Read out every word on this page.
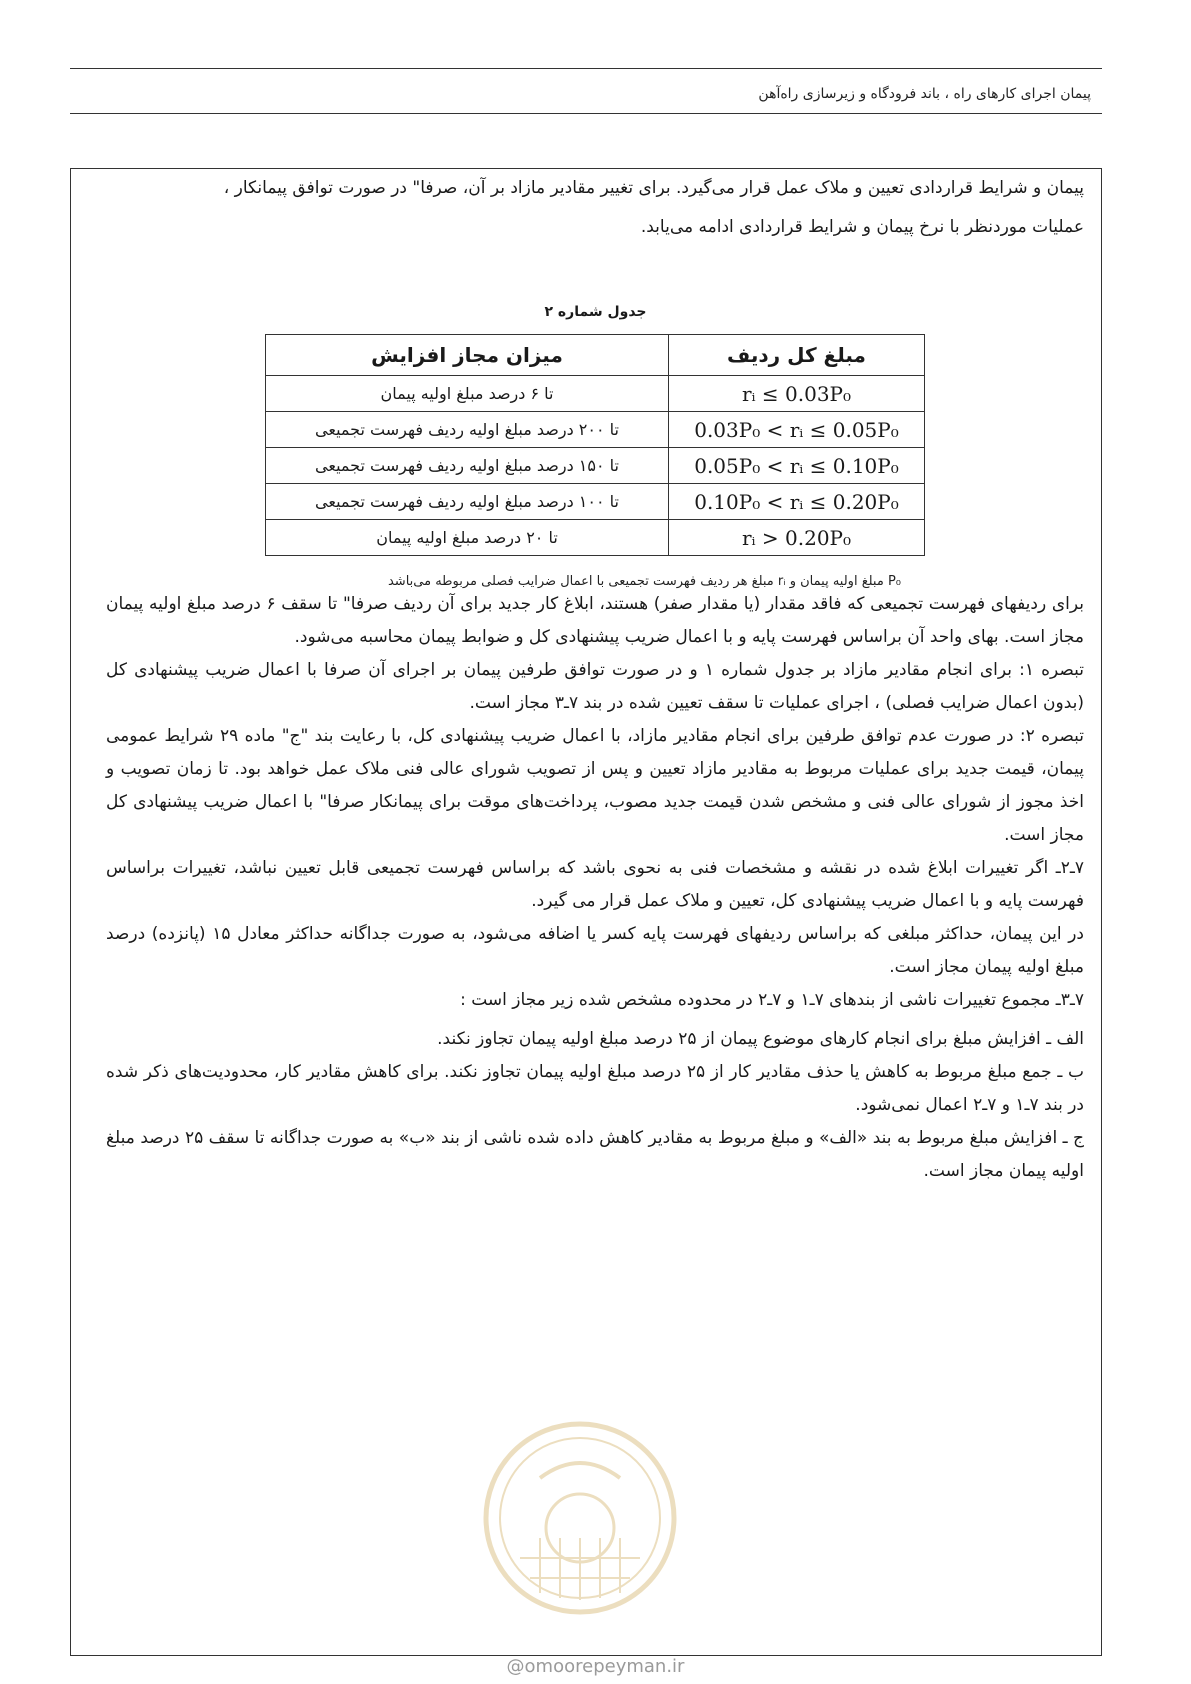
پیمان اجرای کارهای راه ، باند فرودگاه و زیرسازی راه‌آهن

پیمان و شرایط قراردادی تعیین و ملاک عمل قرار می‌گیرد. برای تغییر مقادیر مازاد بر آن، صرفا" در صورت توافق پیمانکار ،

عملیات موردنظر با نرخ پیمان و شرایط قراردادی ادامه می‌یابد.

جدول شماره ۲
مبلغ کل ردیف	میزان مجاز افزایش
rᵢ ≤ 0.03P₀	تا ۶ درصد مبلغ اولیه پیمان
0.03P₀ < rᵢ ≤ 0.05P₀	تا ۲۰۰ درصد مبلغ اولیه ردیف فهرست تجمیعی
0.05P₀ < rᵢ ≤ 0.10P₀	تا ۱۵۰ درصد مبلغ اولیه ردیف فهرست تجمیعی
0.10P₀ < rᵢ ≤ 0.20P₀	تا ۱۰۰ درصد مبلغ اولیه ردیف فهرست تجمیعی
rᵢ > 0.20P₀	تا ۲۰ درصد مبلغ اولیه پیمان
P₀ مبلغ اولیه پیمان و rᵢ مبلغ هر ردیف فهرست تجمیعی با اعمال ضرایب فصلی مربوطه می‌باشد

برای ردیفهای فهرست تجمیعی که فاقد مقدار (یا مقدار صفر) هستند، ابلاغ کار جدید برای آن ردیف صرفا" تا سقف ۶ درصد مبلغ اولیه پیمان مجاز است. بهای واحد آن براساس فهرست پایه و با اعمال ضریب پیشنهادی کل و ضوابط پیمان محاسبه می‌شود.

تبصره ۱: برای انجام مقادیر مازاد بر جدول شماره ۱ و در صورت توافق طرفین پیمان بر اجرای آن صرفا با اعمال ضریب پیشنهادی کل (بدون اعمال ضرایب فصلی) ، اجرای عملیات تا سقف تعیین شده در بند ۷ـ۳ مجاز است.

تبصره ۲: در صورت عدم توافق طرفین برای انجام مقادیر مازاد، با اعمال ضریب پیشنهادی کل، با رعایت بند "ج" ماده ۲۹ شرایط عمومی پیمان، قیمت جدید برای عملیات مربوط به مقادیر مازاد تعیین و پس از تصویب شورای عالی فنی ملاک عمل خواهد بود. تا زمان تصویب و اخذ مجوز از شورای عالی فنی و مشخص شدن قیمت جدید مصوب، پرداخت‌های موقت برای پیمانکار صرفا" با اعمال ضریب پیشنهادی کل مجاز است.

۷ـ۲ـ اگر تغییرات ابلاغ شده در نقشه و مشخصات فنی به نحوی باشد که براساس فهرست تجمیعی قابل تعیین نباشد، تغییرات براساس فهرست پایه و با اعمال ضریب پیشنهادی کل، تعیین و ملاک عمل قرار می گیرد.

در این پیمان، حداکثر مبلغی که براساس ردیفهای فهرست پایه کسر یا اضافه می‌شود، به صورت جداگانه حداکثر معادل ۱۵ (پانزده) درصد مبلغ اولیه پیمان مجاز است.

۷ـ۳ـ مجموع تغییرات ناشی از بندهای ۷ـ۱ و ۷ـ۲ در محدوده مشخص شده زیر مجاز است :

الف ـ افزایش مبلغ برای انجام کارهای موضوع پیمان از ۲۵ درصد مبلغ اولیه پیمان تجاوز نکند.

ب ـ جمع مبلغ مربوط به کاهش یا حذف مقادیر کار از ۲۵ درصد مبلغ اولیه پیمان تجاوز نکند. برای کاهش مقادیر کار، محدودیت‌های ذکر شده در بند ۷ـ۱ و ۷ـ۲ اعمال نمی‌شود.

ج ـ افزایش مبلغ مربوط به بند «الف» و مبلغ مربوط به مقادیر کاهش داده شده ناشی از بند «ب» به صورت جداگانه تا سقف ۲۵ درصد مبلغ اولیه پیمان مجاز است.

@omoorepeyman.ir
